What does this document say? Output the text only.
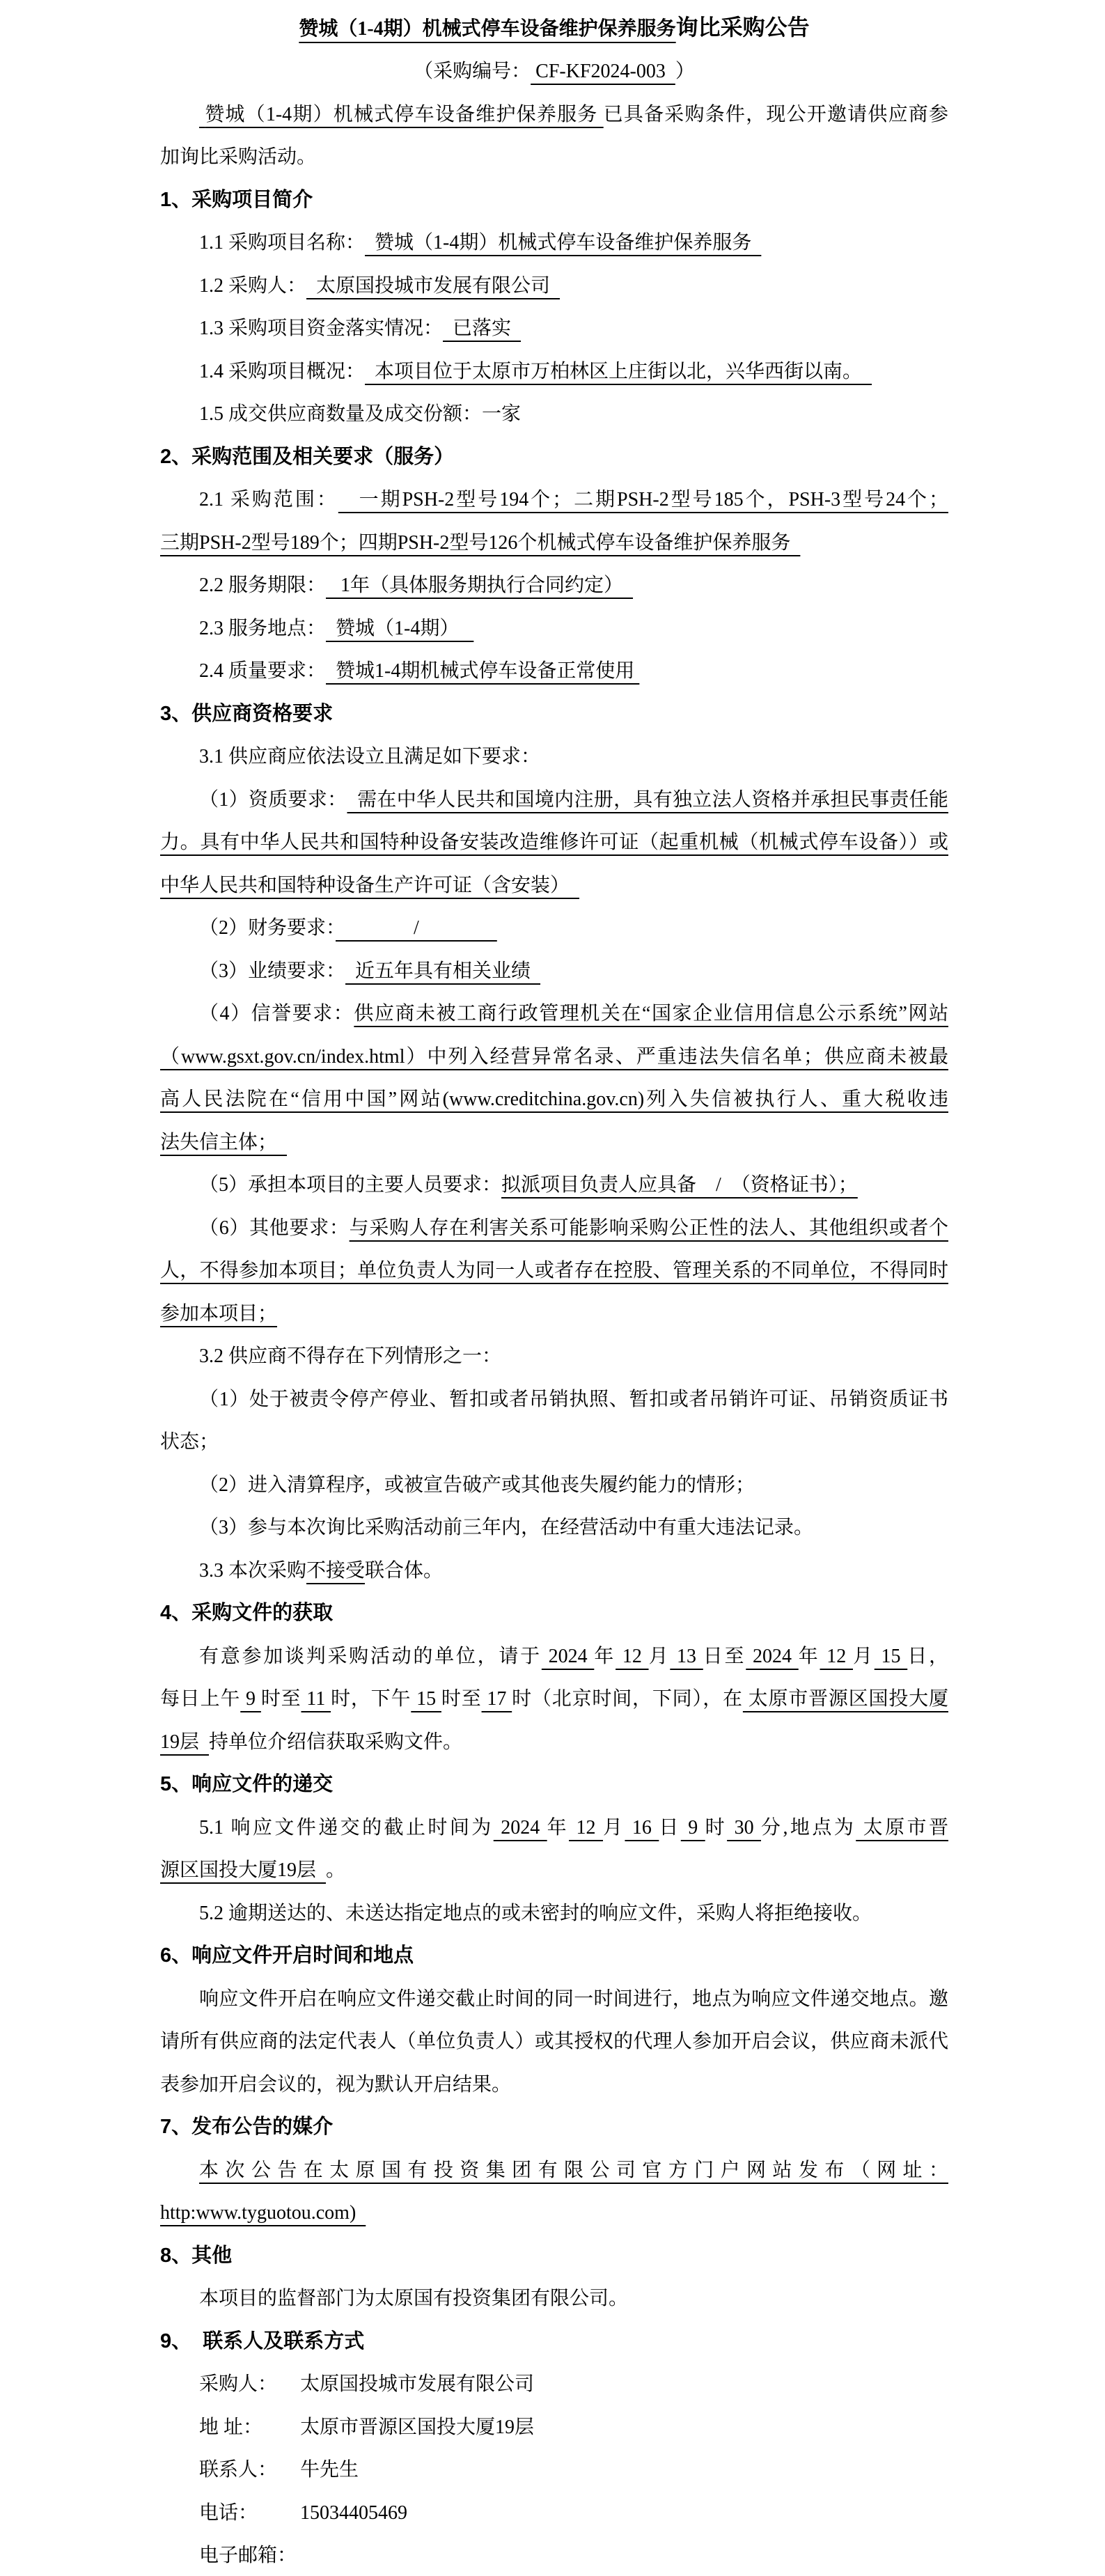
赞城（1-4期）机械式停车设备维护保养服务询比采购公告
（采购编号： CF-KF2024-003  ）
赞城（1-4期）机械式停车设备维护保养服务 已具备采购条件，现公开邀请供应商参
加询比采购活动。
1、采购项目简介
1.1 采购项目名称：  赞城（1-4期）机械式停车设备维护保养服务
1.2 采购人：  太原国投城市发展有限公司
1.3 采购项目资金落实情况：  已落实
1.4 采购项目概况：  本项目位于太原市万柏林区上庄街以北，兴华西街以南。
1.5 成交供应商数量及成交份额：一家
2、采购范围及相关要求（服务）
2.1 采购范围：   一期PSH-2型号194个；二期PSH-2型号185个，PSH-3型号24个；
三期PSH-2型号189个；四期PSH-2型号126个机械式停车设备维护保养服务
2.2 服务期限：   1年（具体服务期执行合同约定）
2.3 服务地点：  赞城（1-4期）
2.4 质量要求：  赞城1-4期机械式停车设备正常使用
3、供应商资格要求
3.1 供应商应依法设立且满足如下要求：
（1）资质要求：  需在中华人民共和国境内注册，具有独立法人资格并承担民事责任能
力。具有中华人民共和国特种设备安装改造维修许可证（起重机械（机械式停车设备））或
中华人民共和国特种设备生产许可证（含安装）
（2）财务要求：　　　　/　　　　
（3）业绩要求：  近五年具有相关业绩
（4）信誉要求：供应商未被工商行政管理机关在“国家企业信用信息公示系统”网站
（www.gsxt.gov.cn/index.html）中列入经营异常名录、严重违法失信名单；供应商未被最
高人民法院在“信用中国”网站(www.creditchina.gov.cn)列入失信被执行人、重大税收违
法失信主体；
（5）承担本项目的主要人员要求：拟派项目负责人应具备　/　（资格证书）；
（6）其他要求：与采购人存在利害关系可能影响采购公正性的法人、其他组织或者个
人，不得参加本项目；单位负责人为同一人或者存在控股、管理关系的不同单位，不得同时
参加本项目；
3.2 供应商不得存在下列情形之一：
（1）处于被责令停产停业、暂扣或者吊销执照、暂扣或者吊销许可证、吊销资质证书
状态；
（2）进入清算程序，或被宣告破产或其他丧失履约能力的情形；
（3）参与本次询比采购活动前三年内，在经营活动中有重大违法记录。
3.3 本次采购不接受联合体。
4、采购文件的获取
有意参加谈判采购活动的单位，请于 2024 年 12 月 13 日至 2024 年 12 月 15 日，
每日上午 9 时至 11 时，下午 15 时至 17 时（北京时间，下同），在 太原市晋源区国投大厦
19层  持单位介绍信获取采购文件。
5、响应文件的递交
5.1 响应文件递交的截止时间为 2024 年 12 月 16 日 9 时 30 分,地点为 太原市晋
源区国投大厦19层  。
5.2 逾期送达的、未送达指定地点的或未密封的响应文件，采购人将拒绝接收。
6、响应文件开启时间和地点
响应文件开启在响应文件递交截止时间的同一时间进行，地点为响应文件递交地点。邀
请所有供应商的法定代表人（单位负责人）或其授权的代理人参加开启会议，供应商未派代
表参加开启会议的，视为默认开启结果。
7、发布公告的媒介
本次公告在太原国有投资集团有限公司官方门户网站发布（网址：
http:www.tyguotou.com)
8、其他
本项目的监督部门为太原国有投资集团有限公司。
9、  联系人及联系方式
采购人： 太原国投城市发展有限公司
地 址： 太原市晋源区国投大厦19层
联系人： 牛先生
电话： 15034405469
电子邮箱：
